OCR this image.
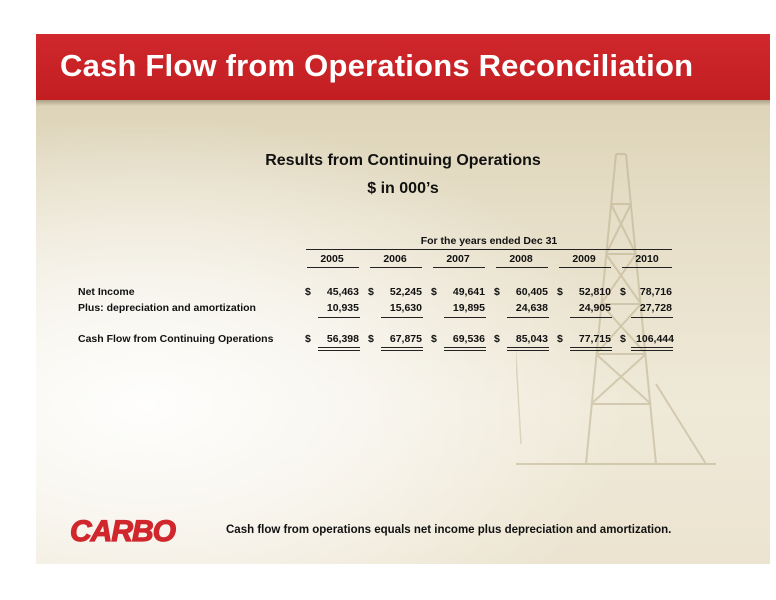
Cash Flow from Operations Reconciliation
Results from Continuing Operations
$ in 000’s
For the years ended Dec 31
2005	2006	2007	2008	2009	2010
Net Income	$	45,463 $	52,245 $	49,641 $	60,405 $	52,810 $	78,716
Plus: depreciation and amortization	10,935	15,630	19,895	24,638	24,905	27,728
Cash Flow from Continuing Operations	$	56,398 $	67,875 $	69,536 $	85,043 $	77,715 $ 106,444
CARBO	Cash flow from operations equals net income plus depreciation and amortization.
